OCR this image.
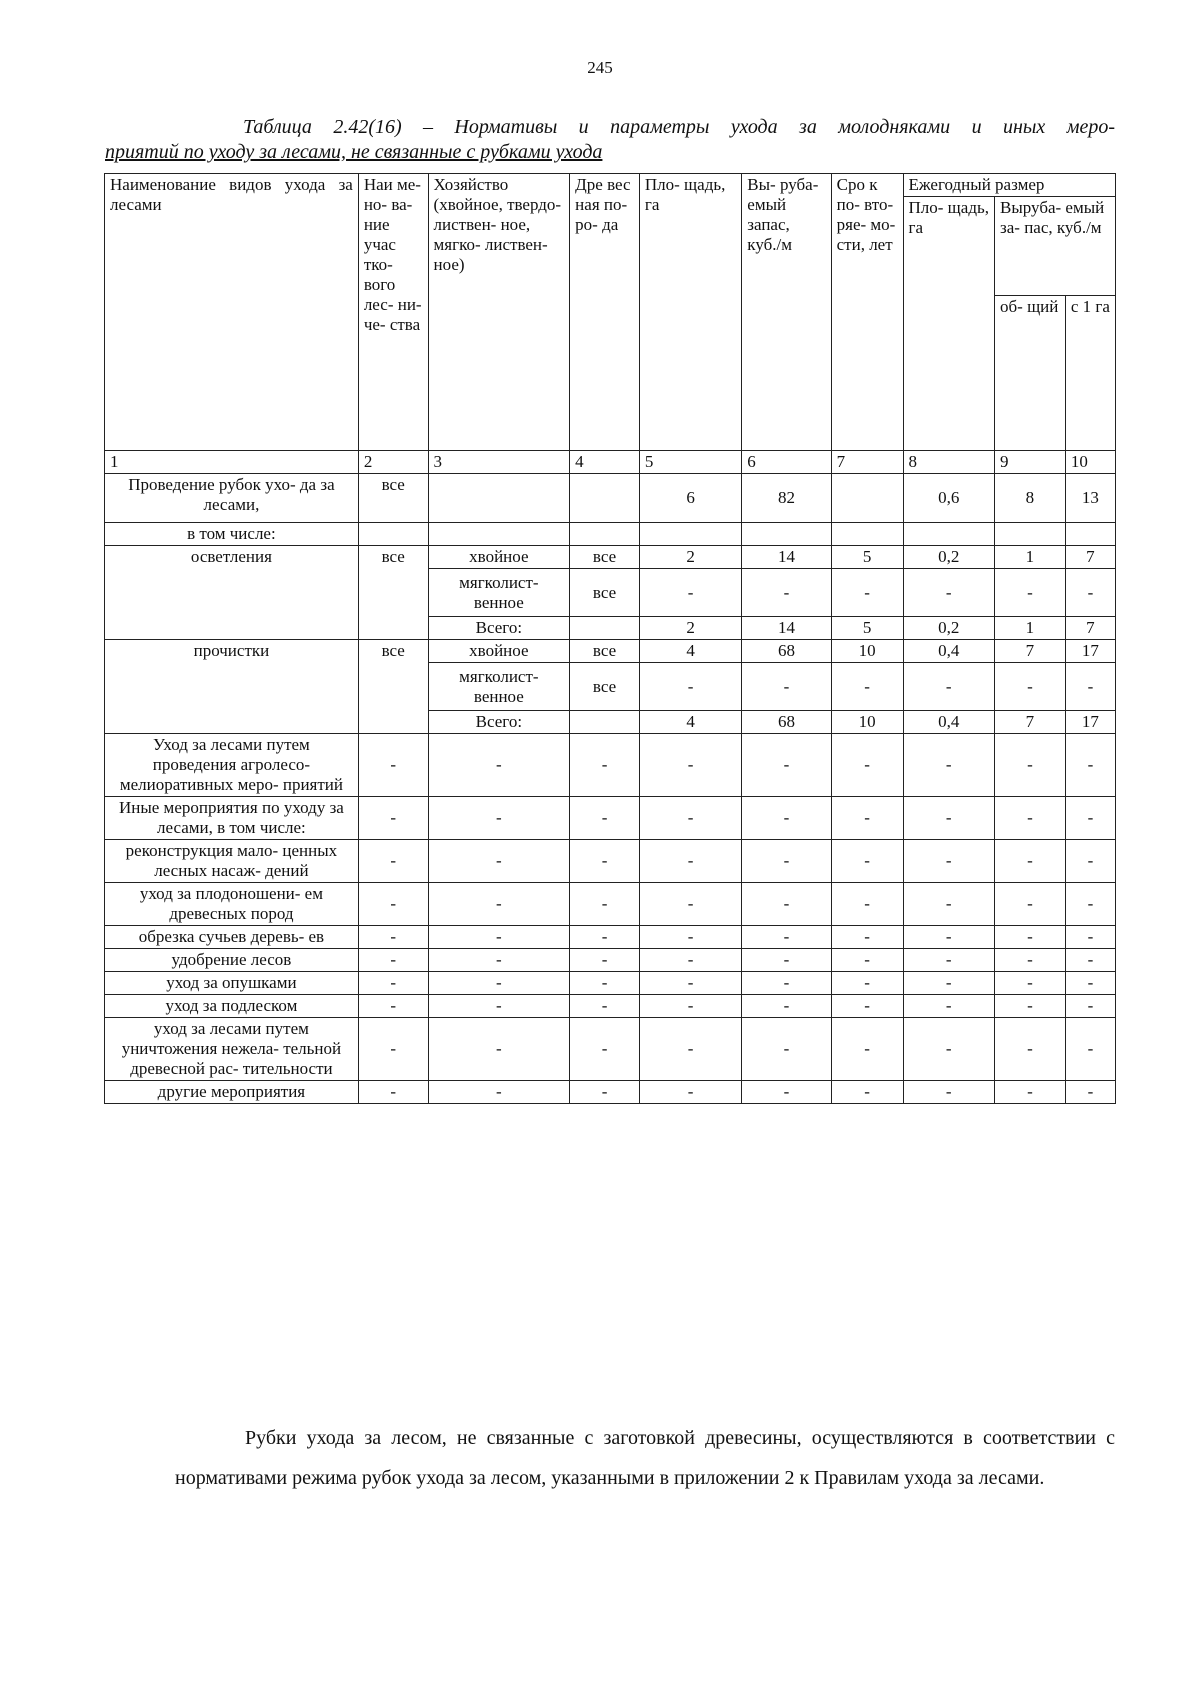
245
Таблица 2.42(16) – Нормативы и параметры ухода за молодняками и иных меро-
приятий по уходу за лесами, не связанные с рубками ухода
Наименование видов ухода за лесами	Наи ме- но- ва- ние учас тко- вого лес- ни- че- ства	Хозяйство (хвойное, твердо- листвен- ное, мягко- листвен- ное)	Дре вес ная по- ро- да	Пло- щадь, га	Вы- руба- емый запас, куб./м	Сро к по- вто- ряе- мо- сти, лет	Ежегодный размер		
							Пло- щадь, га	Выруба- емый за- пас, куб./м	
								об- щий	с 1 га
1	2	3	4	5	6	7	8	9	10
Проведение рубок ухо- да за лесами,	все			6	82		0,6	8	13
в том числе:									
осветления	все	хвойное	все	2	14	5	0,2	1	7
		мягколист- венное	все	-	-	-	-	-	-
		Всего:		2	14	5	0,2	1	7
прочистки	все	хвойное	все	4	68	10	0,4	7	17
		мягколист- венное	все	-	-	-	-	-	-
		Всего:		4	68	10	0,4	7	17
Уход за лесами путем проведения агролесо- мелиоративных меро- приятий	-	-	-	-	-	-	-	-	-
Иные мероприятия по уходу за лесами, в том числе:	-	-	-	-	-	-	-	-	-
реконструкция мало- ценных лесных насаж- дений	-	-	-	-	-	-	-	-	-
уход за плодоношени- ем древесных пород	-	-	-	-	-	-	-	-	-
обрезка сучьев деревь- ев	-	-	-	-	-	-	-	-	-
удобрение лесов	-	-	-	-	-	-	-	-	-
уход за опушками	-	-	-	-	-	-	-	-	-
уход за подлеском	-	-	-	-	-	-	-	-	-
уход за лесами путем уничтожения нежела- тельной древесной рас- тительности	-	-	-	-	-	-	-	-	-
другие мероприятия	-	-	-	-	-	-	-	-	-

Рубки ухода за лесом, не связанные с заготовкой древесины, осуществляются в соответствии с нормативами режима рубок ухода за лесом, указанными в приложении 2 к Правилам ухода за лесами.
